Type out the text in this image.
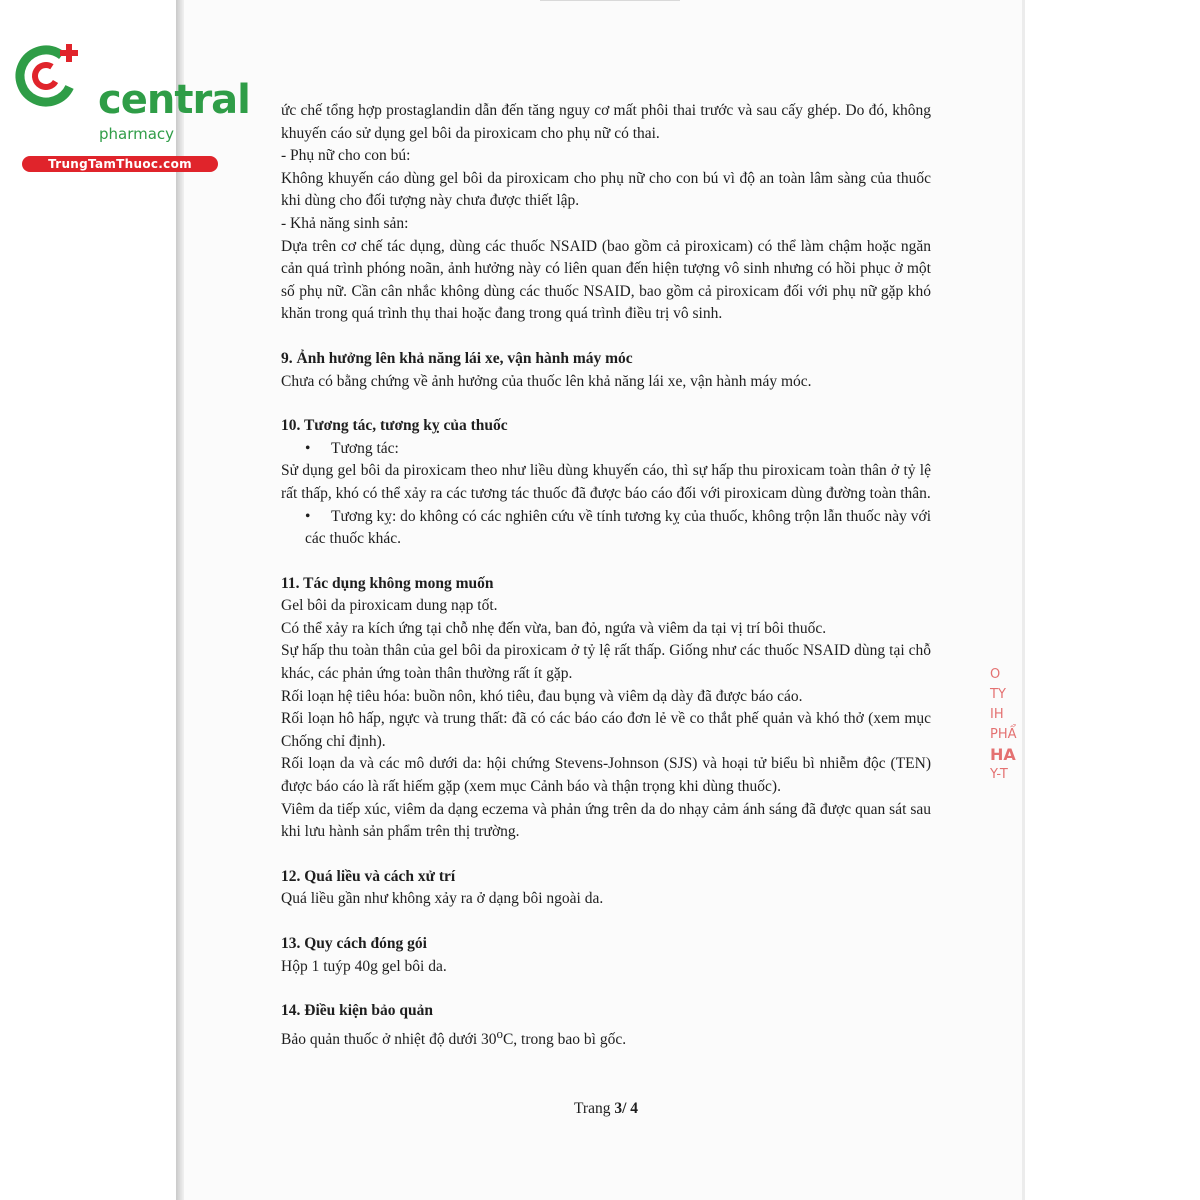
central
pharmacy
TrungTamThuoc.com

ức chế tổng hợp prostaglandin dẫn đến tăng nguy cơ mất phôi thai trước và sau cấy ghép. Do đó, không khuyến cáo sử dụng gel bôi da piroxicam cho phụ nữ có thai.

- Phụ nữ cho con bú:

Không khuyến cáo dùng gel bôi da piroxicam cho phụ nữ cho con bú vì độ an toàn lâm sàng của thuốc khi dùng cho đối tượng này chưa được thiết lập.

- Khả năng sinh sản:

Dựa trên cơ chế tác dụng, dùng các thuốc NSAID (bao gồm cả piroxicam) có thể làm chậm hoặc ngăn cản quá trình phóng noãn, ảnh hưởng này có liên quan đến hiện tượng vô sinh nhưng có hồi phục ở một số phụ nữ. Cần cân nhắc không dùng các thuốc NSAID, bao gồm cả piroxicam đối với phụ nữ gặp khó khăn trong quá trình thụ thai hoặc đang trong quá trình điều trị vô sinh.

9. Ảnh hưởng lên khả năng lái xe, vận hành máy móc

Chưa có bằng chứng về ảnh hưởng của thuốc lên khả năng lái xe, vận hành máy móc.

10. Tương tác, tương kỵ của thuốc

• Tương tác:

Sử dụng gel bôi da piroxicam theo như liều dùng khuyến cáo, thì sự hấp thu piroxicam toàn thân ở tỷ lệ rất thấp, khó có thể xảy ra các tương tác thuốc đã được báo cáo đối với piroxicam dùng đường toàn thân.

• Tương kỵ: do không có các nghiên cứu về tính tương kỵ của thuốc, không trộn lẫn thuốc này với các thuốc khác.

11. Tác dụng không mong muốn

Gel bôi da piroxicam dung nạp tốt.

Có thể xảy ra kích ứng tại chỗ nhẹ đến vừa, ban đỏ, ngứa và viêm da tại vị trí bôi thuốc.

Sự hấp thu toàn thân của gel bôi da piroxicam ở tỷ lệ rất thấp. Giống như các thuốc NSAID dùng tại chỗ khác, các phản ứng toàn thân thường rất ít gặp.

Rối loạn hệ tiêu hóa: buồn nôn, khó tiêu, đau bụng và viêm dạ dày đã được báo cáo.

Rối loạn hô hấp, ngực và trung thất: đã có các báo cáo đơn lẻ về co thắt phế quản và khó thở (xem mục Chống chỉ định).

Rối loạn da và các mô dưới da: hội chứng Stevens-Johnson (SJS) và hoại tử biểu bì nhiễm độc (TEN) được báo cáo là rất hiếm gặp (xem mục Cảnh báo và thận trọng khi dùng thuốc).

Viêm da tiếp xúc, viêm da dạng eczema và phản ứng trên da do nhạy cảm ánh sáng đã được quan sát sau khi lưu hành sản phẩm trên thị trường.

12. Quá liều và cách xử trí

Quá liều gần như không xảy ra ở dạng bôi ngoài da.

13. Quy cách đóng gói

Hộp 1 tuýp 40g gel bôi da.

14. Điều kiện bảo quản

Bảo quản thuốc ở nhiệt độ dưới 30$^o$C, trong bao bì gốc.

Trang 3/ 4
O
TY
IH
PHẨ
HA
Y-T
